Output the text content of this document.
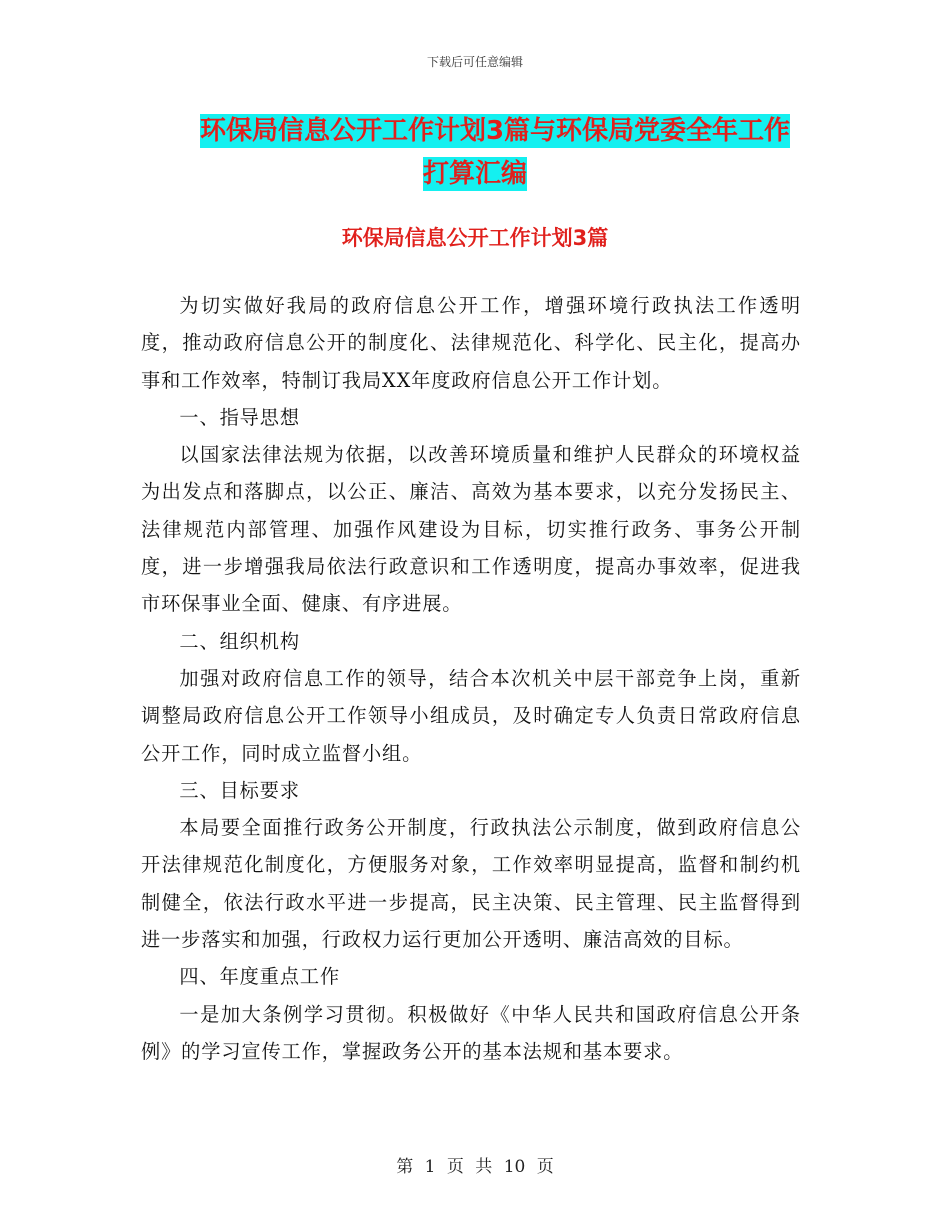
下载后可任意编辑
环保局信息公开工作计划3篇与环保局党委全年工作
打算汇编
环保局信息公开工作计划3篇

为切实做好我局的政府信息公开工作，增强环境行政执法工作透明度，推动政府信息公开的制度化、法律规范化、科学化、民主化，提高办事和工作效率，特制订我局XX年度政府信息公开工作计划。

一、指导思想

以国家法律法规为依据，以改善环境质量和维护人民群众的环境权益为出发点和落脚点，以公正、廉洁、高效为基本要求，以充分发扬民主、法律规范内部管理、加强作风建设为目标，切实推行政务、事务公开制度，进一步增强我局依法行政意识和工作透明度，提高办事效率，促进我市环保事业全面、健康、有序进展。

二、组织机构

加强对政府信息工作的领导，结合本次机关中层干部竞争上岗，重新调整局政府信息公开工作领导小组成员，及时确定专人负责日常政府信息公开工作，同时成立监督小组。

三、目标要求

本局要全面推行政务公开制度，行政执法公示制度，做到政府信息公开法律规范化制度化，方便服务对象，工作效率明显提高，监督和制约机制健全，依法行政水平进一步提高，民主决策、民主管理、民主监督得到进一步落实和加强，行政权力运行更加公开透明、廉洁高效的目标。

四、年度重点工作

一是加大条例学习贯彻。积极做好《中华人民共和国政府信息公开条例》的学习宣传工作，掌握政务公开的基本法规和基本要求。

第 1 页 共 10 页
